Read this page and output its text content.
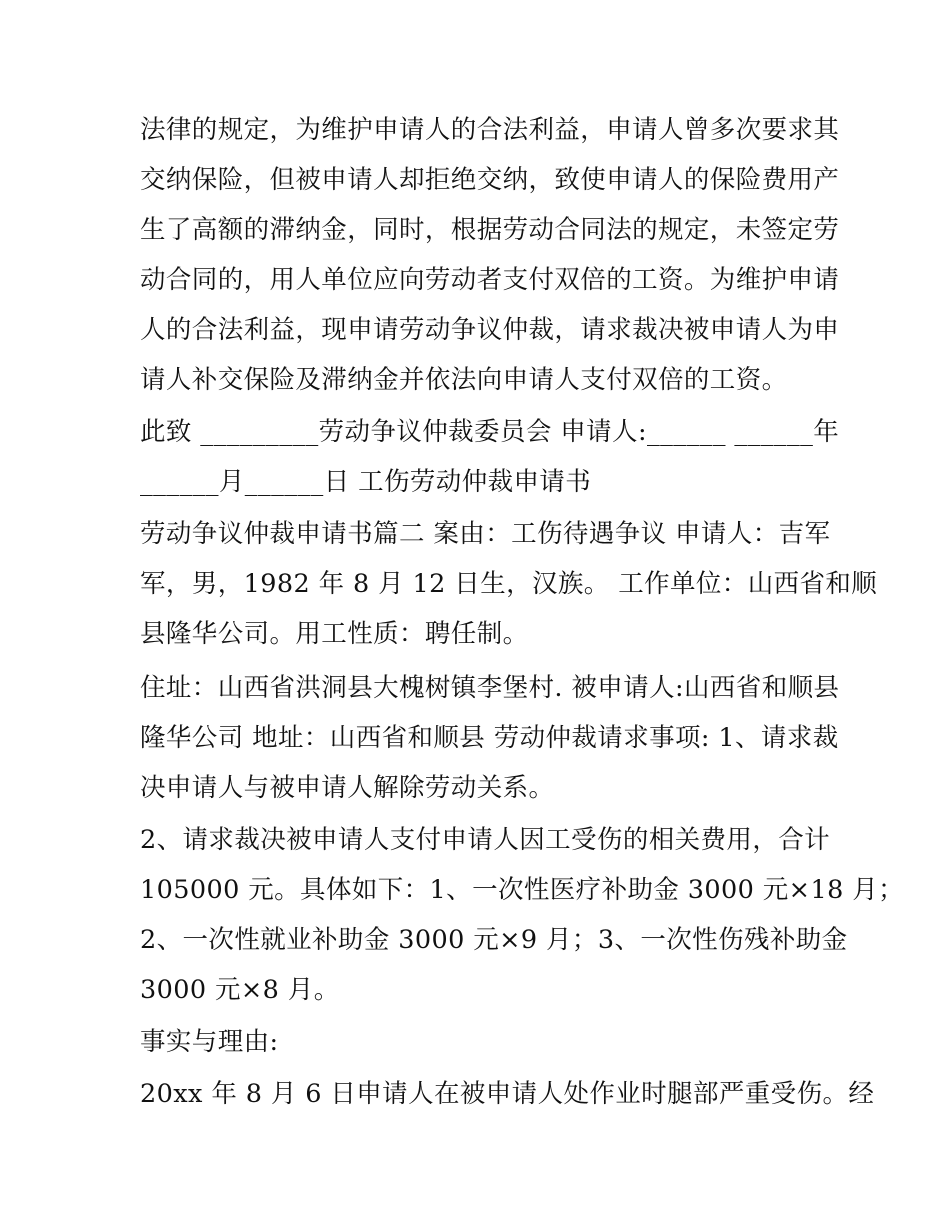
法律的规定，为维护申请人的合法利益，申请人曾多次要求其
交纳保险，但被申请人却拒绝交纳，致使申请人的保险费用产
生了高额的滞纳金，同时，根据劳动合同法的规定，未签定劳
动合同的，用人单位应向劳动者支付双倍的工资。为维护申请
人的合法利益，现申请劳动争议仲裁，请求裁决被申请人为申
请人补交保险及滞纳金并依法向申请人支付双倍的工资。
此致 _________劳动争议仲裁委员会 申请人:______ ______年
______月______日 工伤劳动仲裁申请书
劳动争议仲裁申请书篇二 案由：工伤待遇争议 申请人：吉军
军，男，1982 年 8 月 12 日生，汉族。 工作单位：山西省和顺
县隆华公司。用工性质：聘任制。
住址：山西省洪洞县大槐树镇李堡村. 被申请人:山西省和顺县
隆华公司 地址：山西省和顺县 劳动仲裁请求事项: 1、请求裁
决申请人与被申请人解除劳动关系。
2、请求裁决被申请人支付申请人因工受伤的相关费用，合计
105000 元。具体如下：1、一次性医疗补助金 3000 元×18 月；
2、一次性就业补助金 3000 元×9 月；3、一次性伤残补助金
3000 元×8 月。
事实与理由:
20xx 年 8 月 6 日申请人在被申请人处作业时腿部严重受伤。经
